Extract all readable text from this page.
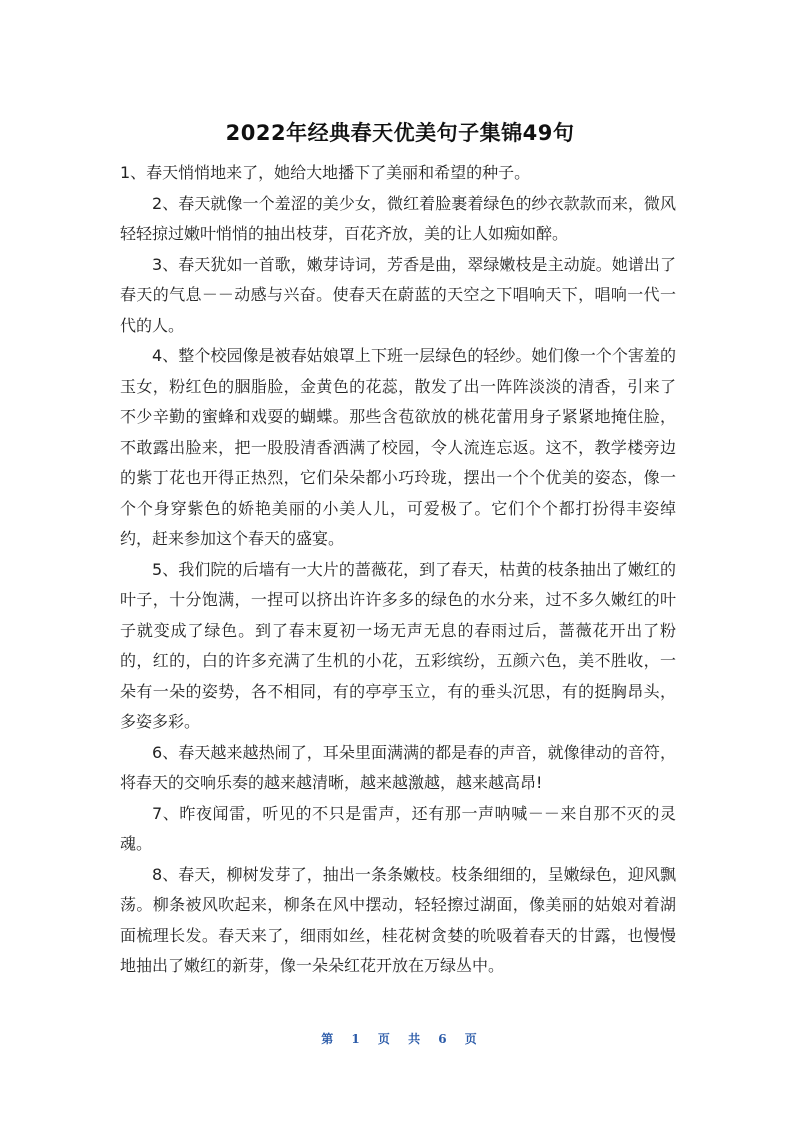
2022年经典春天优美句子集锦49句

1、春天悄悄地来了，她给大地播下了美丽和希望的种子。

2、春天就像一个羞涩的美少女，微红着脸裹着绿色的纱衣款款而来，微风轻轻掠过嫩叶悄悄的抽出枝芽，百花齐放，美的让人如痴如醉。

3、春天犹如一首歌，嫩芽诗词，芳香是曲，翠绿嫩枝是主动旋。她谱出了春天的气息－－动感与兴奋。使春天在蔚蓝的天空之下唱响天下，唱响一代一代的人。

4、整个校园像是被春姑娘罩上下班一层绿色的轻纱。她们像一个个害羞的玉女，粉红色的胭脂脸，金黄色的花蕊，散发了出一阵阵淡淡的清香，引来了不少辛勤的蜜蜂和戏耍的蝴蝶。那些含苞欲放的桃花蕾用身子紧紧地掩住脸，不敢露出脸来，把一股股清香洒满了校园，令人流连忘返。这不，教学楼旁边的紫丁花也开得正热烈，它们朵朵都小巧玲珑，摆出一个个优美的姿态，像一个个身穿紫色的娇艳美丽的小美人儿，可爱极了。它们个个都打扮得丰姿绰约，赶来参加这个春天的盛宴。

5、我们院的后墙有一大片的蔷薇花，到了春天，枯黄的枝条抽出了嫩红的叶子，十分饱满，一捏可以挤出许许多多的绿色的水分来，过不多久嫩红的叶子就变成了绿色。到了春末夏初一场无声无息的春雨过后，蔷薇花开出了粉的，红的，白的许多充满了生机的小花，五彩缤纷，五颜六色，美不胜收，一朵有一朵的姿势，各不相同，有的亭亭玉立，有的垂头沉思，有的挺胸昂头，多姿多彩。

6、春天越来越热闹了，耳朵里面满满的都是春的声音，就像律动的音符，将春天的交响乐奏的越来越清晰，越来越激越，越来越高昂!

7、昨夜闻雷，听见的不只是雷声，还有那一声呐喊－－来自那不灭的灵魂。

8、春天，柳树发芽了，抽出一条条嫩枝。枝条细细的，呈嫩绿色，迎风飘荡。柳条被风吹起来，柳条在风中摆动，轻轻擦过湖面，像美丽的姑娘对着湖面梳理长发。春天来了，细雨如丝，桂花树贪婪的吮吸着春天的甘露，也慢慢地抽出了嫩红的新芽，像一朵朵红花开放在万绿丛中。

第 1 页 共 6 页
